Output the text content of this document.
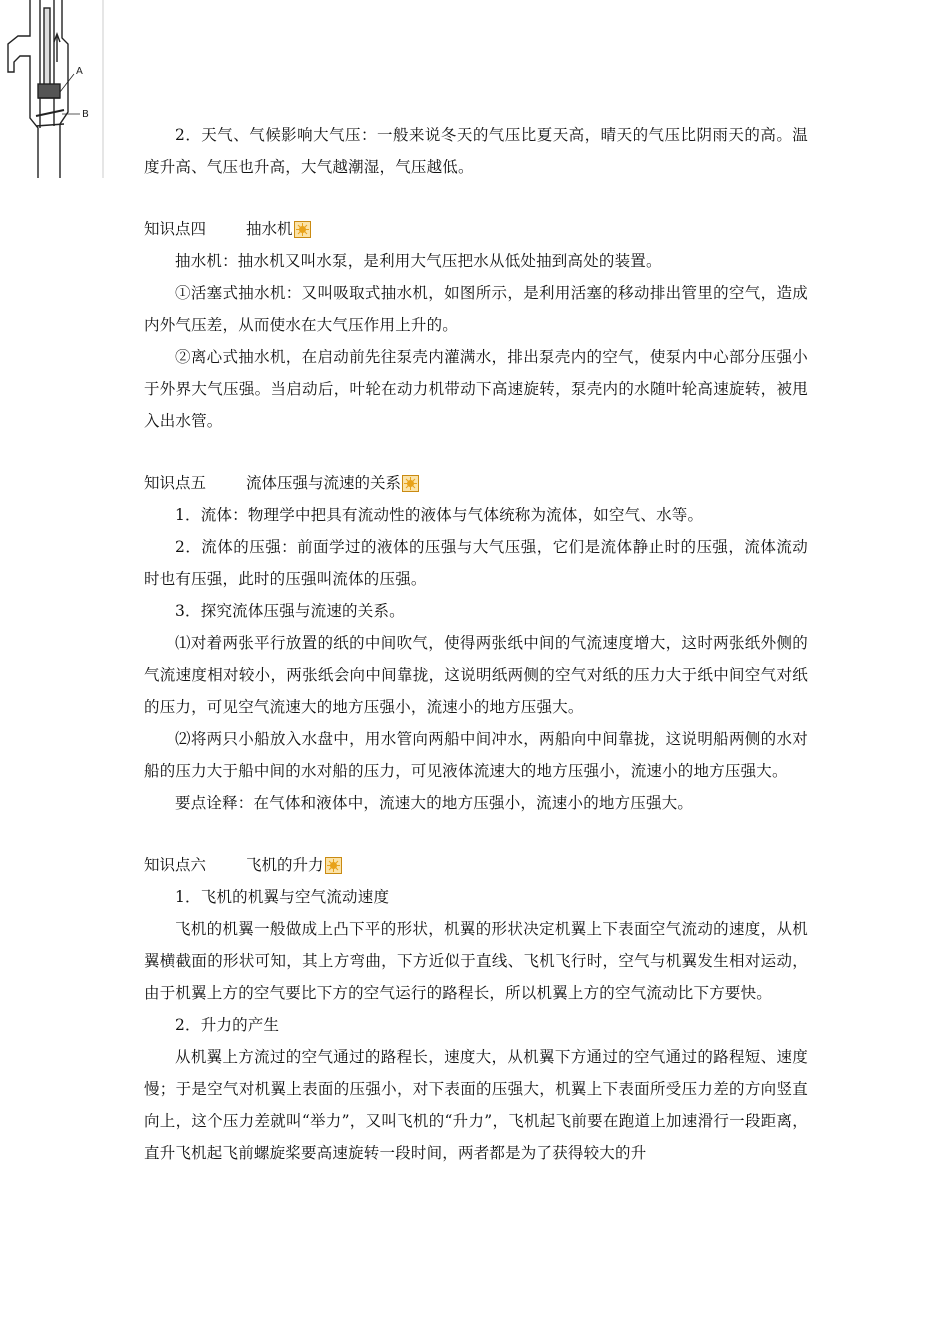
A
B

2．天气、气候影响大气压：一般来说冬天的气压比夏天高，晴天的气压比阴雨天的高。温度升高、气压也升高，大气越潮湿，气压越低。

知识点四	抽水机

抽水机：抽水机又叫水泵，是利用大气压把水从低处抽到高处的装置。

①活塞式抽水机：又叫吸取式抽水机，如图所示，是利用活塞的移动排出管里的空气，造成内外气压差，从而使水在大气压作用上升的。

②离心式抽水机，在启动前先往泵壳内灌满水，排出泵壳内的空气，使泵内中心部分压强小于外界大气压强。当启动后，叶轮在动力机带动下高速旋转，泵壳内的水随叶轮高速旋转，被甩入出水管。

知识点五	流体压强与流速的关系

1．流体：物理学中把具有流动性的液体与气体统称为流体，如空气、水等。

2．流体的压强：前面学过的液体的压强与大气压强，它们是流体静止时的压强，流体流动时也有压强，此时的压强叫流体的压强。

3．探究流体压强与流速的关系。

⑴对着两张平行放置的纸的中间吹气，使得两张纸中间的气流速度增大，这时两张纸外侧的气流速度相对较小，两张纸会向中间靠拢，这说明纸两侧的空气对纸的压力大于纸中间空气对纸的压力，可见空气流速大的地方压强小，流速小的地方压强大。

⑵将两只小船放入水盘中，用水管向两船中间冲水，两船向中间靠拢，这说明船两侧的水对船的压力大于船中间的水对船的压力，可见液体流速大的地方压强小，流速小的地方压强大。

要点诠释：在气体和液体中，流速大的地方压强小，流速小的地方压强大。

知识点六	飞机的升力

1．飞机的机翼与空气流动速度

飞机的机翼一般做成上凸下平的形状，机翼的形状决定机翼上下表面空气流动的速度，从机翼横截面的形状可知，其上方弯曲，下方近似于直线、飞机飞行时，空气与机翼发生相对运动，由于机翼上方的空气要比下方的空气运行的路程长，所以机翼上方的空气流动比下方要快。

2．升力的产生

从机翼上方流过的空气通过的路程长，速度大，从机翼下方通过的空气通过的路程短、速度慢；于是空气对机翼上表面的压强小，对下表面的压强大，机翼上下表面所受压力差的方向竖直向上，这个压力差就叫“举力”，又叫飞机的“升力”，飞机起飞前要在跑道上加速滑行一段距离，直升飞机起飞前螺旋桨要高速旋转一段时间，两者都是为了获得较大的升
